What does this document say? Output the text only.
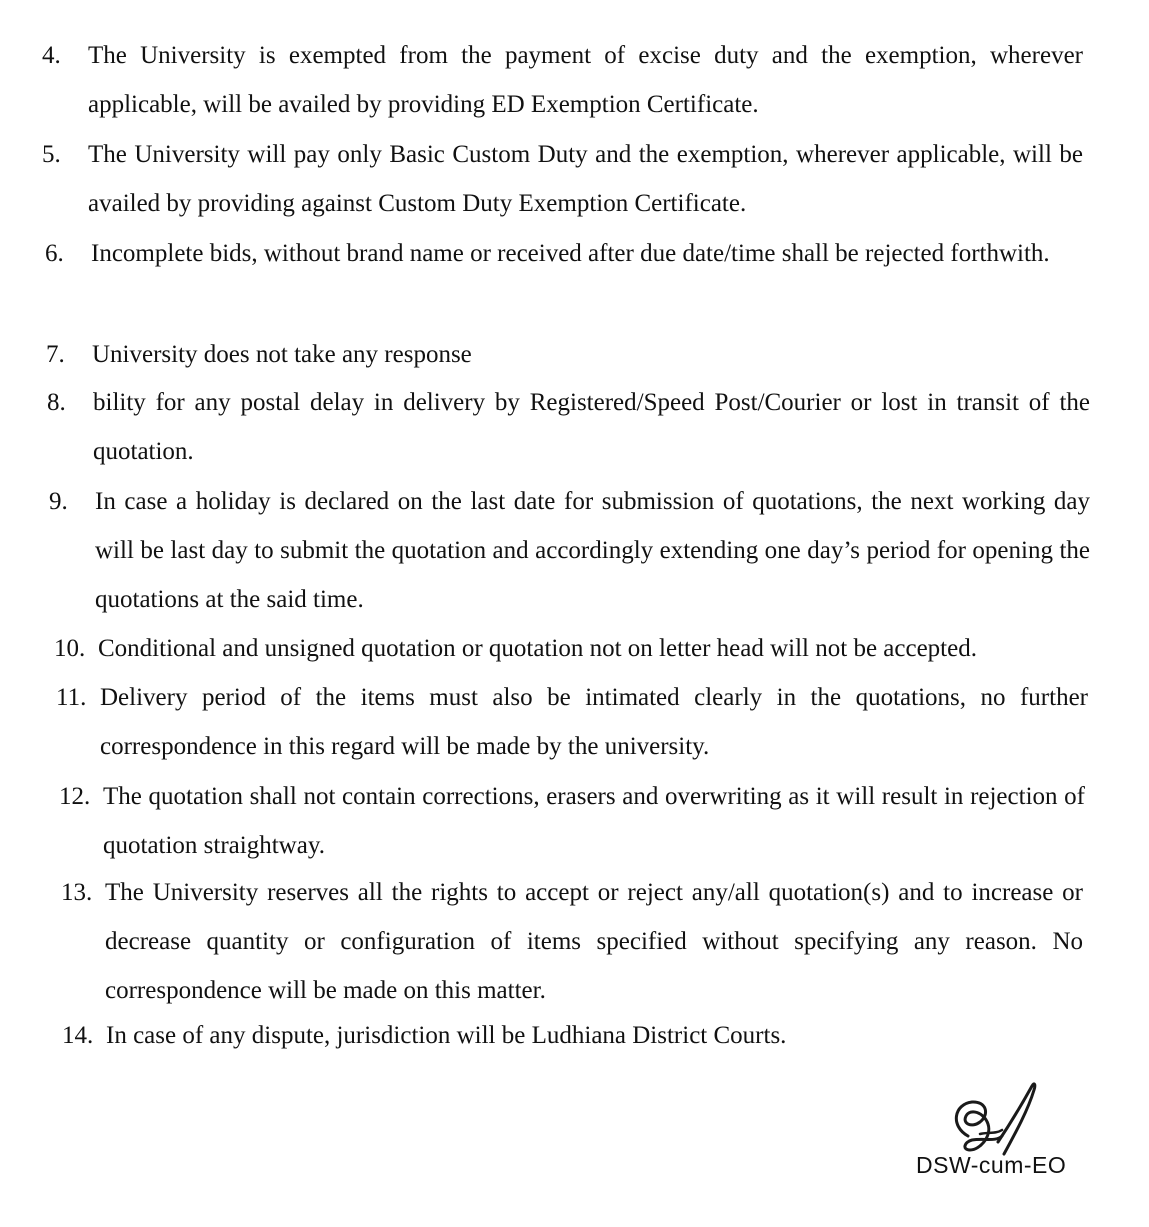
4. The University is exempted from the payment of excise duty and the exemption, wherever applicable, will be availed by providing ED Exemption Certificate.
5. The University will pay only Basic Custom Duty and the exemption, wherever applicable, will be availed by providing against Custom Duty Exemption Certificate.
6. Incomplete bids, without brand name or received after due date/time shall be rejected forthwith.
7. University does not take any response
8. bility for any postal delay in delivery by Registered/Speed Post/Courier or lost in transit of the quotation.
9. In case a holiday is declared on the last date for submission of quotations, the next working day will be last day to submit the quotation and accordingly extending one day’s period for opening the quotations at the said time.
10. Conditional and unsigned quotation or quotation not on letter head will not be accepted.
11. Delivery period of the items must also be intimated clearly in the quotations, no further correspondence in this regard will be made by the university.
12. The quotation shall not contain corrections, erasers and overwriting as it will result in rejection of quotation straightway.
13. The University reserves all the rights to accept or reject any/all quotation(s) and to increase or decrease quantity or configuration of items specified without specifying any reason. No correspondence will be made on this matter.
14. In case of any dispute, jurisdiction will be Ludhiana District Courts.
DSW-cum-EO
